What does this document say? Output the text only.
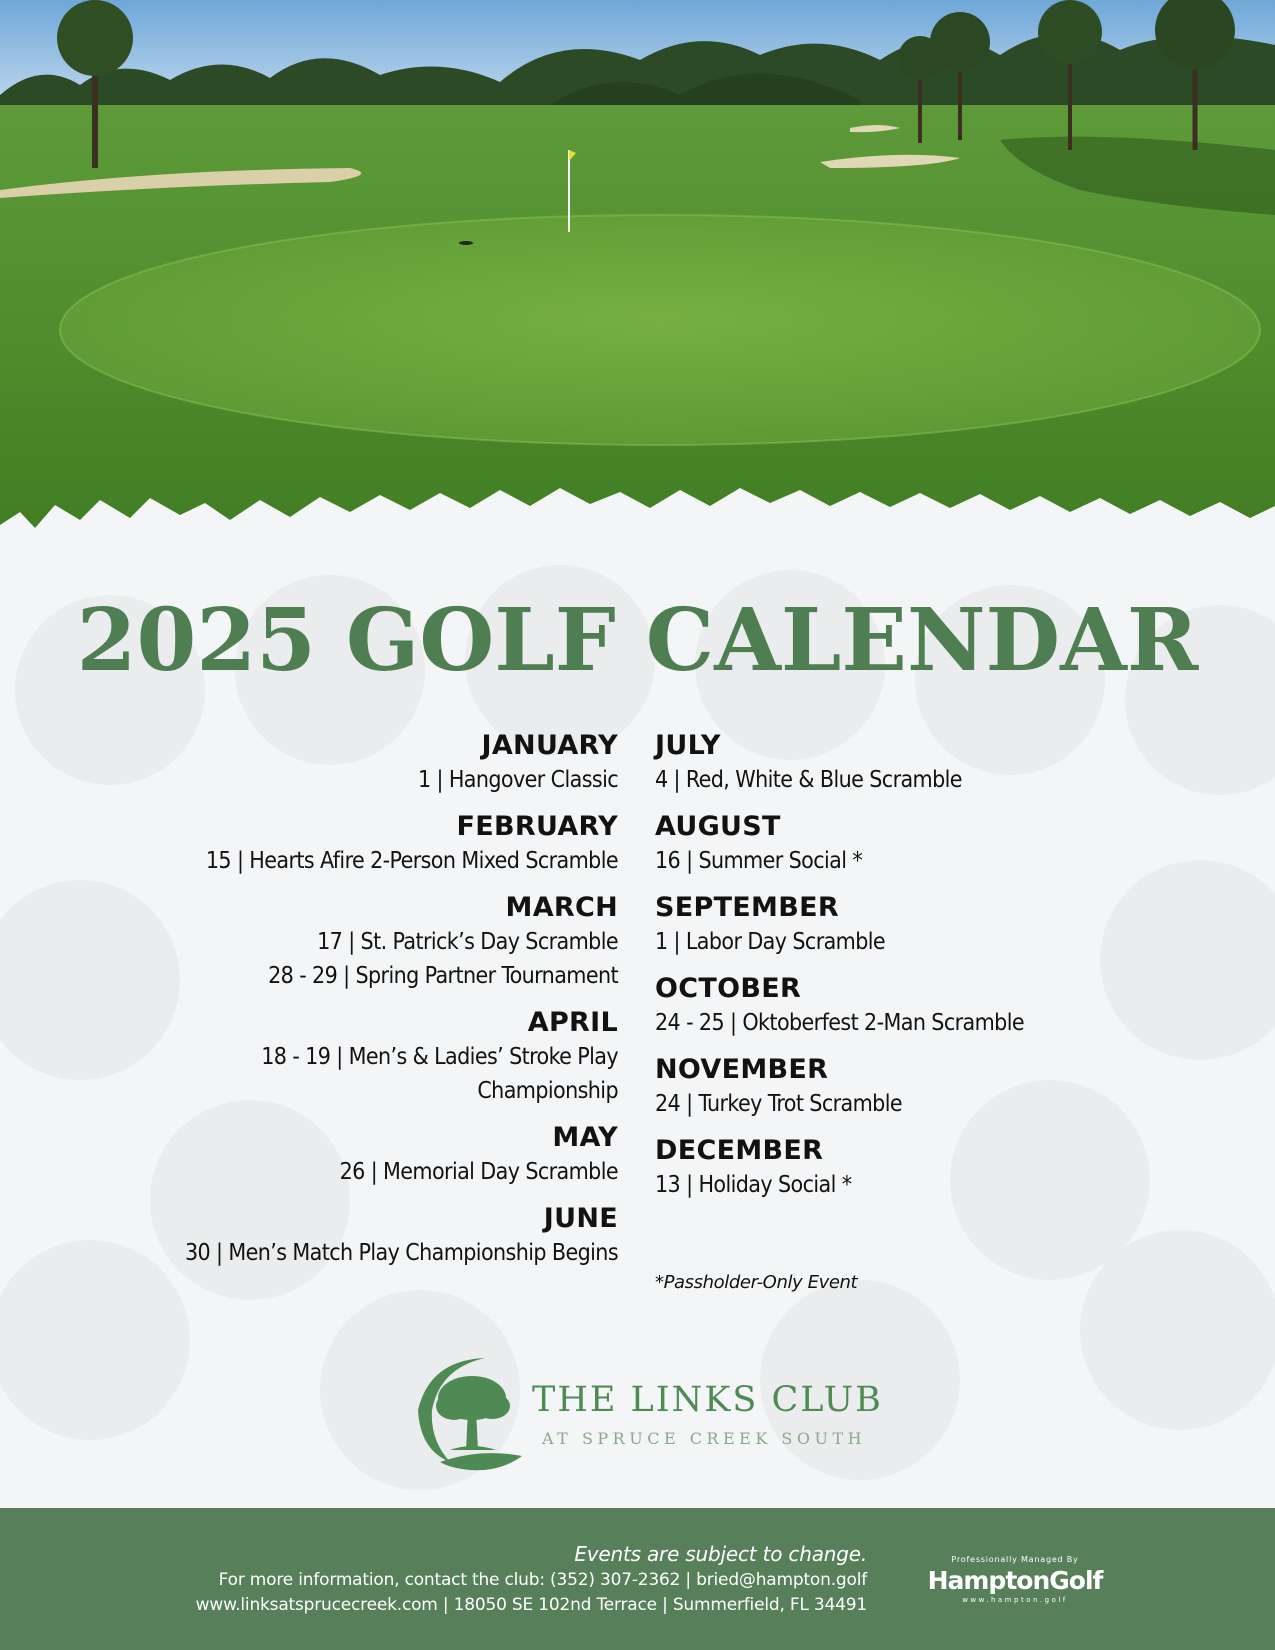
2025 GOLF CALENDAR
JANUARY
1 | Hangover Classic
FEBRUARY
15 | Hearts Afire 2-Person Mixed Scramble
MARCH
17 | St. Patrick’s Day Scramble
28 - 29 | Spring Partner Tournament
APRIL
18 - 19 | Men’s & Ladies’ Stroke Play
Championship
MAY
26 | Memorial Day Scramble
JUNE
30 | Men’s Match Play Championship Begins
JULY
4 | Red, White & Blue Scramble
AUGUST
16 | Summer Social *
SEPTEMBER
1 | Labor Day Scramble
OCTOBER
24 - 25 | Oktoberfest 2-Man Scramble
NOVEMBER
24 | Turkey Trot Scramble
DECEMBER
13 | Holiday Social *
*Passholder-Only Event
THE LINKS CLUB
AT SPRUCE CREEK SOUTH
Events are subject to change.
For more information, contact the club: (352) 307-2362 | bried@hampton.golf
www.linksatsprucecreek.com | 18050 SE 102nd Terrace | Summerfield, FL 34491
Professionally Managed By
HamptonGolf
www.hampton.golf
